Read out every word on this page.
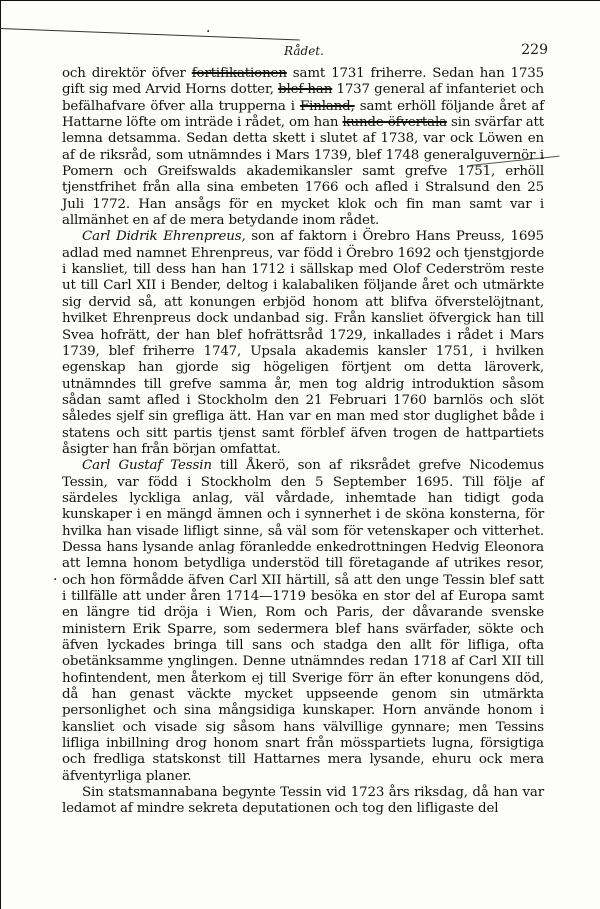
·
·
Rådet.	229

och direktör öfver fortifikationen samt 1731 friherre. Sedan han 1735 gift sig med Arvid Horns dotter, blef han 1737 general af infanteriet och befälhafvare öfver alla trupperna i Finland, samt erhöll följande året af Hattarne löfte om inträde i rådet, om han kunde öfvertala sin svärfar att lemna detsamma. Sedan detta skett i slutet af 1738, var ock Löwen en af de riksråd, som utnämndes i Mars 1739, blef 1748 generalguvernör i Pomern och Greifswalds akademikansler samt grefve 1751, erhöll tjenstfrihet från alla sina embeten 1766 och afled i Stralsund den 25 Juli 1772. Han ansågs för en mycket klok och fin man samt var i allmänhet en af de mera betydande inom rådet.

Carl Didrik Ehrenpreus, son af faktorn i Örebro Hans Preuss, 1695 adlad med namnet Ehrenpreus, var född i Örebro 1692 och tjenstgjorde i kansliet, till dess han han 1712 i sällskap med Olof Cederström reste ut till Carl XII i Bender, deltog i kalabaliken följande året och utmärkte sig dervid så, att konungen erbjöd honom att blifva öfverstelöjtnant, hvilket Ehrenpreus dock undanbad sig. Från kansliet öfvergick han till Svea hofrätt, der han blef hofrättsråd 1729, inkallades i rådet i Mars 1739, blef friherre 1747, Upsala akademis kansler 1751, i hvilken egenskap han gjorde sig högeligen förtjent om detta läroverk, utnämndes till grefve samma år, men tog aldrig introduktion såsom sådan samt afled i Stockholm den 21 Februari 1760 barnlös och slöt således sjelf sin grefliga ätt. Han var en man med stor duglighet både i statens och sitt partis tjenst samt förblef äfven trogen de hattpartiets åsigter han från början omfattat.

Carl Gustaf Tessin till Åkerö, son af riksrådet grefve Nicodemus Tessin, var född i Stockholm den 5 September 1695. Till följe af särdeles lyckliga anlag, väl vårdade, inhemtade han tidigt goda kunskaper i en mängd ämnen och i synnerhet i de sköna konsterna, för hvilka han visade lifligt sinne, så väl som för vetenskaper och vitterhet. Dessa hans lysande anlag föranledde enkedrottningen Hedvig Eleonora att lemna honom betydliga understöd till företagande af utrikes resor, och hon förmådde äfven Carl XII härtill, så att den unge Tessin blef satt i tillfälle att under åren 1714—1719 besöka en stor del af Europa samt en längre tid dröja i Wien, Rom och Paris, der dåvarande svenske ministern Erik Sparre, som sedermera blef hans svärfader, sökte och äfven lyckades bringa till sans och stadga den allt för lifliga, ofta obetänksamme ynglingen. Denne utnämndes redan 1718 af Carl XII till hofintendent, men återkom ej till Sverige förr än efter konungens död, då han genast väckte mycket uppseende genom sin utmärkta personlighet och sina mångsidiga kunskaper. Horn använde honom i kansliet och visade sig såsom hans välvillige gynnare; men Tessins lifliga inbillning drog honom snart från mösspartiets lugna, försigtiga och fredliga statskonst till Hattarnes mera lysande, ehuru ock mera äfventyrliga planer.

Sin statsmannabana begynte Tessin vid 1723 års riksdag, då han var ledamot af mindre sekreta deputationen och tog den lifligaste del
